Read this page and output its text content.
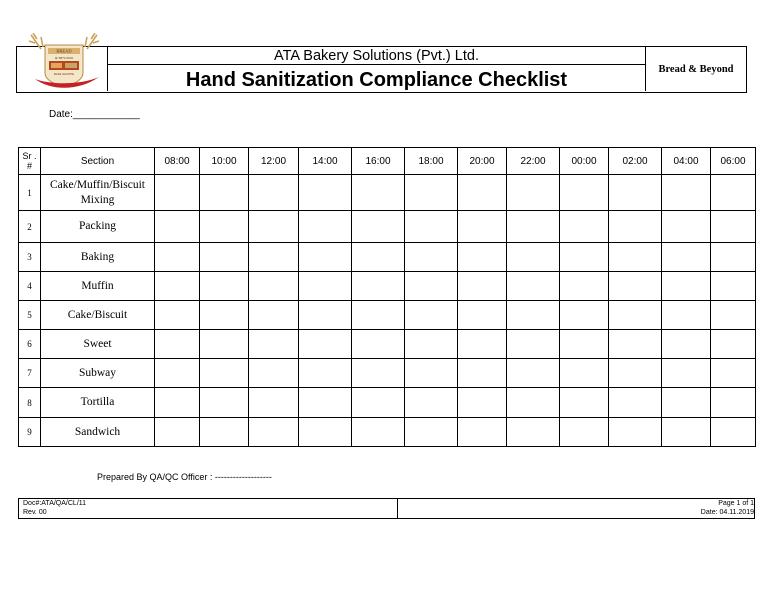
BREAD
& BEYOND
BAKE SHOPPE
ATA Bakery Solutions (Pvt.) Ltd.
Hand Sanitization Compliance Checklist	Bread & Beyond
Date:____________
Sr . #	Section	08:00	10:00	12:00	14:00	16:00	18:00	20:00	22:00	00:00	02:00	04:00	06:00
1	Cake/Muffin/Biscuit Mixing												
2	Packing												
3	Baking												
4	Muffin												
5	Cake/Biscuit												
6	Sweet												
7	Subway												
8	Tortilla												
9	Sandwich												
Prepared By QA/QC Officer : -------------------
Doc#:ATA/QA/CL/11
Rev. 00
Page 1 of 1
Date: 04.11.2019
